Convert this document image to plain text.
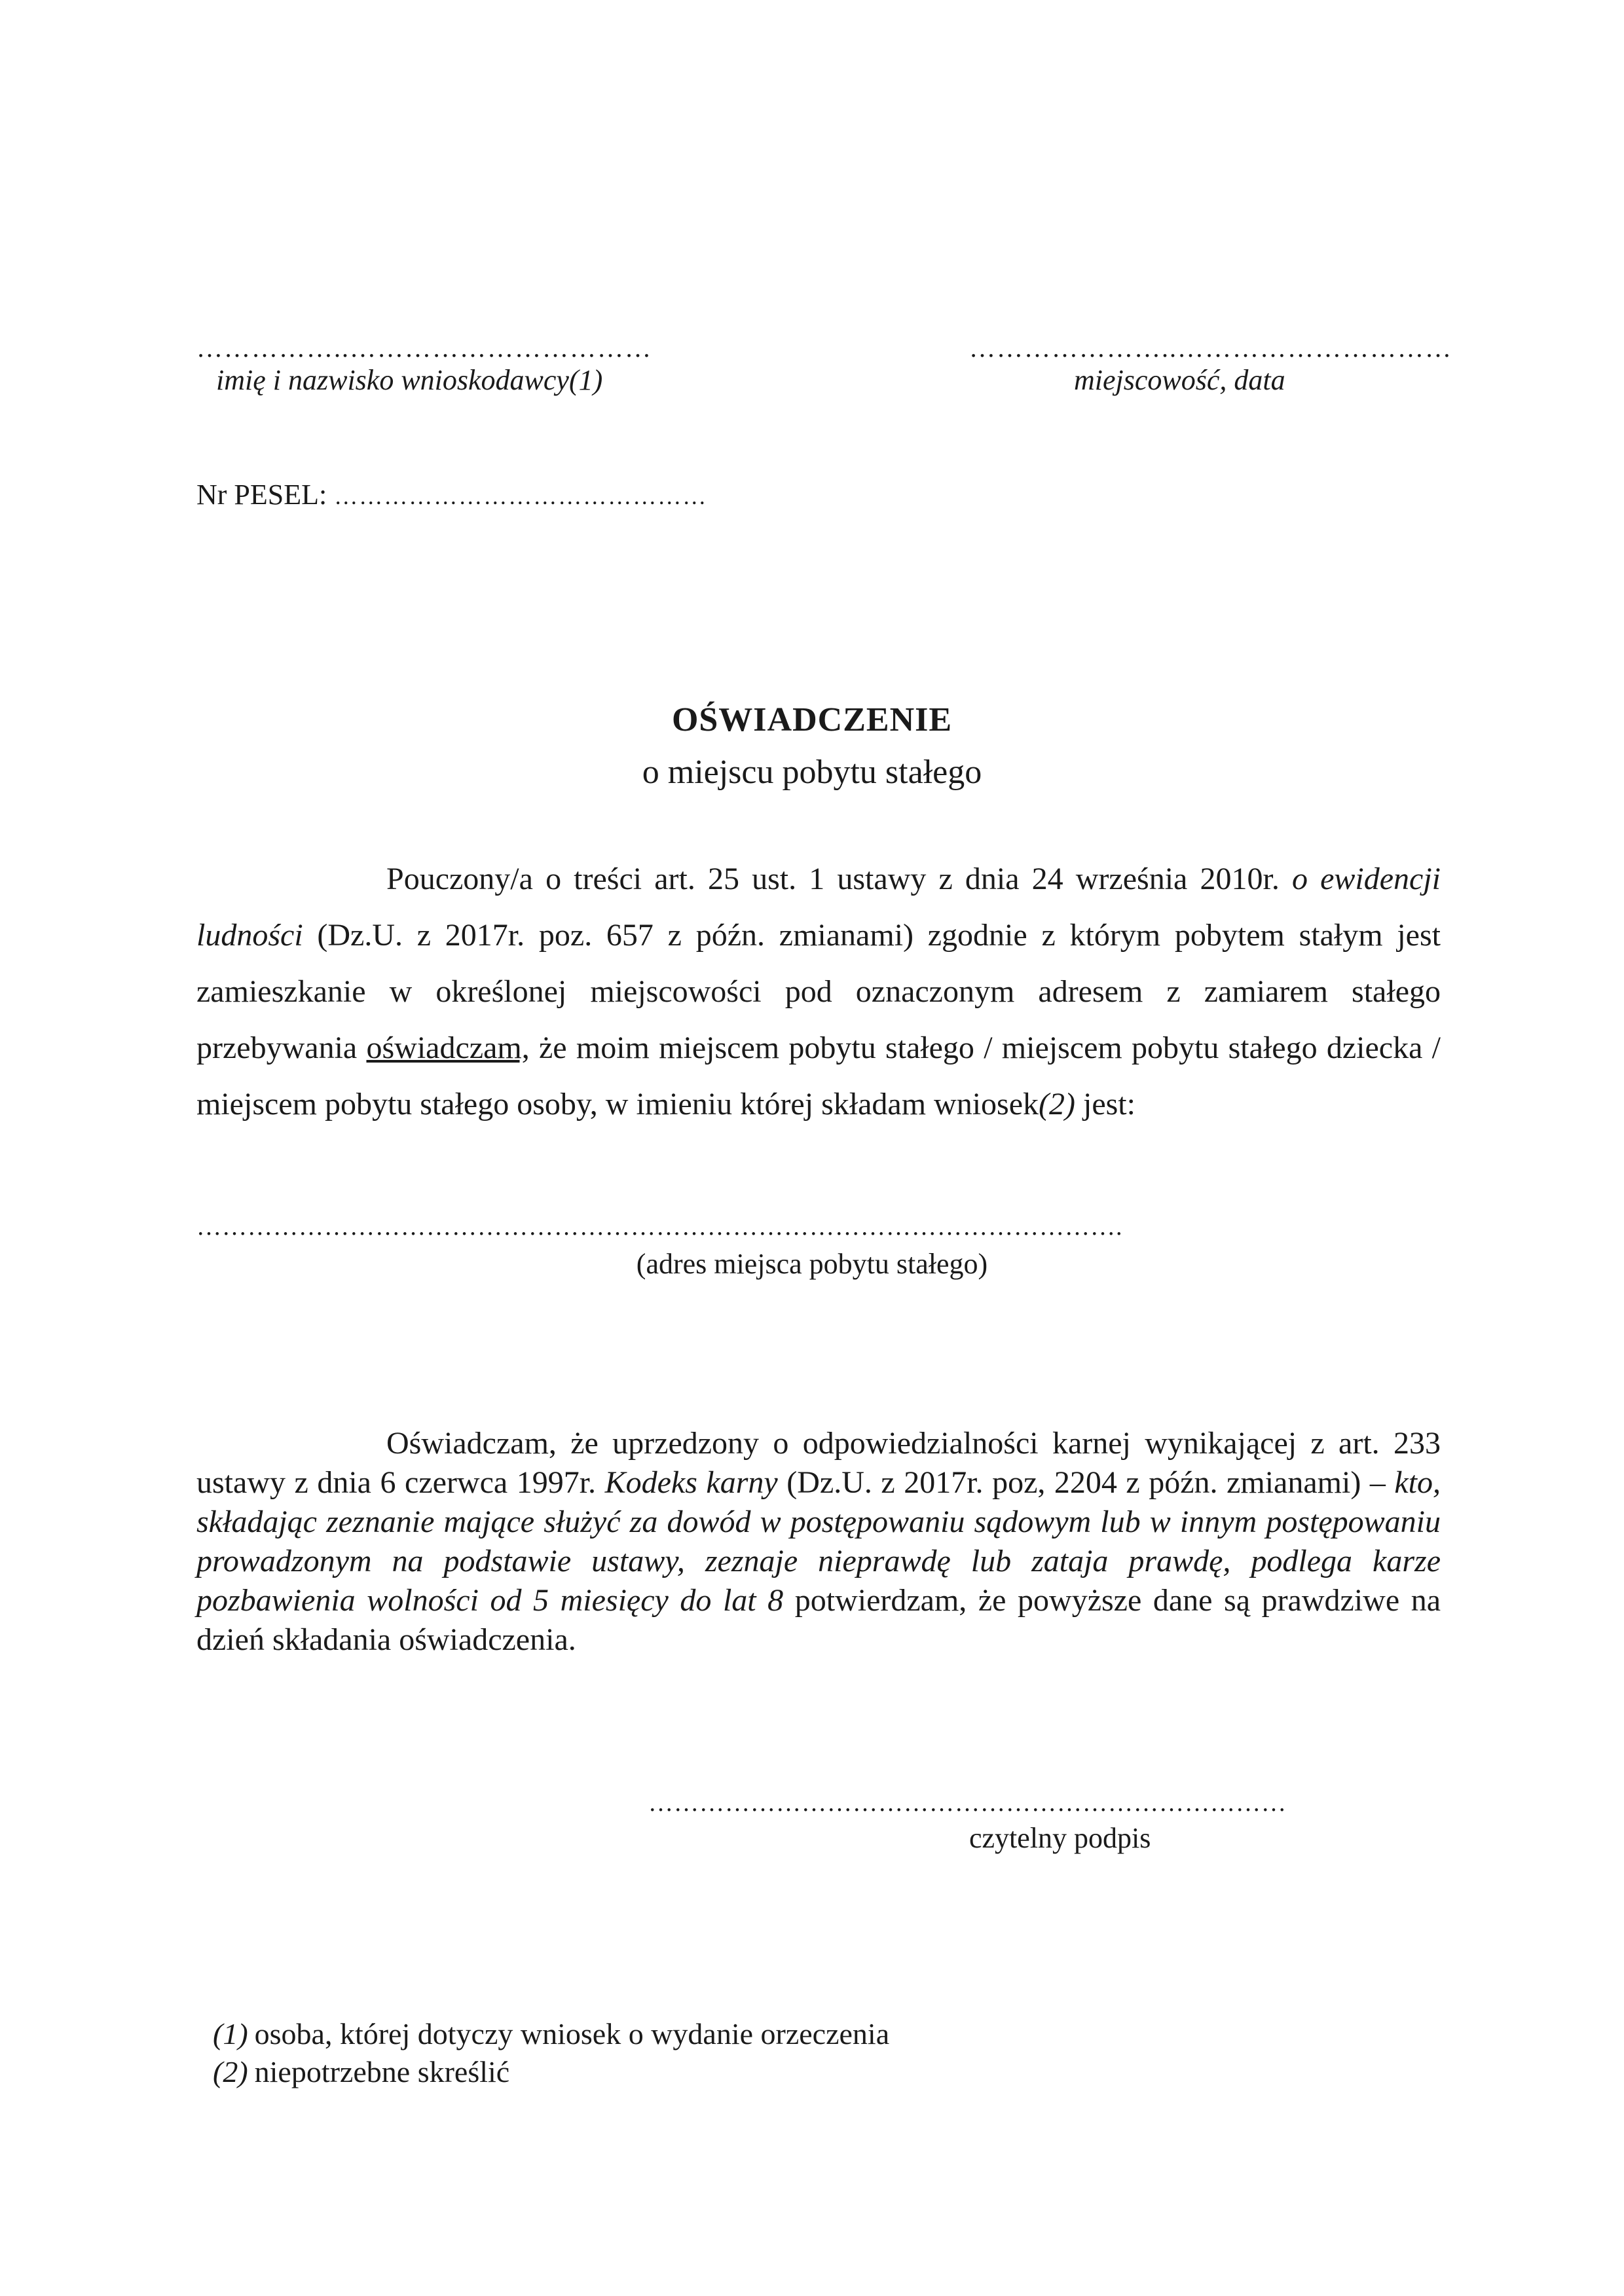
……………..……………………………
imię i nazwisko wnioskodawcy(1)
…………………..…………………………
miejscowość, data
Nr PESEL: ………………………………………
OŚWIADCZENIE
o miejscu pobytu stałego
Pouczony/a o treści art. 25 ust. 1 ustawy z dnia 24 września 2010r. o ewidencji ludności (Dz.U. z 2017r. poz. 657 z późn. zmianami) zgodnie z którym pobytem stałym jest zamieszkanie w określonej miejscowości pod oznaczonym adresem z zamiarem stałego przebywania oświadczam, że moim miejscem pobytu stałego / miejscem pobytu stałego dziecka / miejscem pobytu stałego osoby, w imieniu której składam wniosek(2) jest:
……………………………………………………………………………………………….
(adres miejsca pobytu stałego)
Oświadczam, że uprzedzony o odpowiedzialności karnej wynikającej z art. 233 ustawy z dnia 6 czerwca 1997r. Kodeks karny (Dz.U. z 2017r. poz, 2204 z późn. zmianami) – kto, składając zeznanie mające służyć za dowód w postępowaniu sądowym lub w innym postępowaniu prowadzonym na podstawie ustawy, zeznaje nieprawdę lub zataja prawdę, podlega karze pozbawienia wolności od 5 miesięcy do lat 8 potwierdzam, że powyższe dane są prawdziwe na dzień składania oświadczenia.
…………………………………………………………………
czytelny podpis
(1) osoba, której dotyczy wniosek o wydanie orzeczenia
(2) niepotrzebne skreślić
